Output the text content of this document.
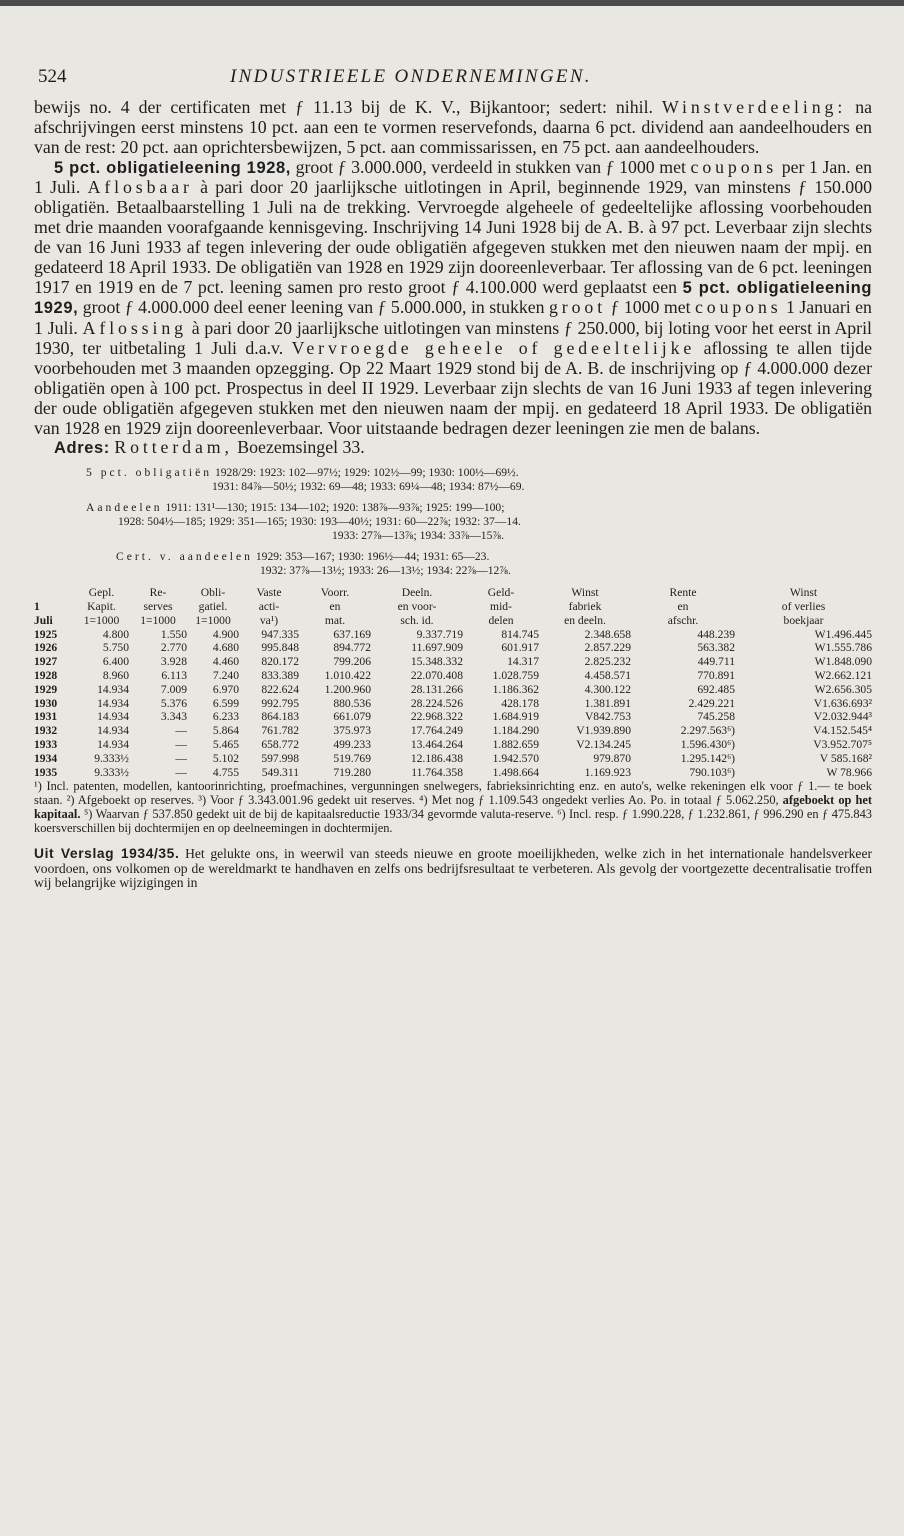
524	INDUSTRIEELE ONDERNEMINGEN.

bewijs no. 4 der certificaten met ƒ 11.13 bij de K. V., Bijkantoor; sedert: nihil. Winstverdeeling: na afschrijvingen eerst minstens 10 pct. aan een te vormen reservefonds, daarna 6 pct. dividend aan aandeelhouders en van de rest: 20 pct. aan oprichtersbewijzen, 5 pct. aan commissarissen, en 75 pct. aan aandeelhouders.

5 pct. obligatieleening 1928, groot ƒ 3.000.000, verdeeld in stukken van ƒ 1000 met coupons per 1 Jan. en 1 Juli. Aflosbaar à pari door 20 jaarlijksche uitlotingen in April, beginnende 1929, van minstens ƒ 150.000 obligatiën. Betaalbaarstelling 1 Juli na de trekking. Vervroegde algeheele of gedeeltelijke aflossing voorbehouden met drie maanden voorafgaande kennisgeving. Inschrijving 14 Juni 1928 bij de A. B. à 97 pct. Leverbaar zijn slechts de van 16 Juni 1933 af tegen inlevering der oude obligatiën afgegeven stukken met den nieuwen naam der mpij. en gedateerd 18 April 1933. De obligatiën van 1928 en 1929 zijn dooreenleverbaar. Ter aflossing van de 6 pct. leeningen 1917 en 1919 en de 7 pct. leening samen pro resto groot ƒ 4.100.000 werd geplaatst een 5 pct. obligatieleening 1929, groot ƒ 4.000.000 deel eener leening van ƒ 5.000.000, in stukken groot ƒ 1000 met coupons 1 Januari en 1 Juli. Aflossing à pari door 20 jaarlijksche uitlotingen van minstens ƒ 250.000, bij loting voor het eerst in April 1930, ter uitbetaling 1 Juli d.a.v. Vervroegde geheele of gedeeltelijke aflossing te allen tijde voorbehouden met 3 maanden opzegging. Op 22 Maart 1929 stond bij de A. B. de inschrijving op ƒ 4.000.000 dezer obligatiën open à 100 pct. Prospectus in deel II 1929. Leverbaar zijn slechts de van 16 Juni 1933 af tegen inlevering der oude obligatiën afgegeven stukken met den nieuwen naam der mpij. en gedateerd 18 April 1933. De obligatiën van 1928 en 1929 zijn dooreenleverbaar. Voor uitstaande bedragen dezer leeningen zie men de balans.

Adres: Rotterdam, Boezemsingel 33.

5 pct. obligatiën 1928/29: 1923: 102—97½; 1929: 102½—99; 1930: 100½—69½.
1931: 84⅞—50½; 1932: 69—48; 1933: 69¼—48; 1934: 87½—69.
Aandeelen 1911: 131¹—130; 1915: 134—102; 1920: 138⅞—93⅞; 1925: 199—100;
1928: 504½—185; 1929: 351—165; 1930: 193—40½; 1931: 60—22⅞; 1932: 37—14.
1933: 27⅞—13⅞; 1934: 33⅞—15⅞.
Cert. v. aandeelen 1929: 353—167; 1930: 196½—44; 1931: 65—23.
1932: 37⅞—13½; 1933: 26—13½; 1934: 22⅞—12⅞.
	Gepl.	Re-	Obli-	Vaste	Voorr.	Deeln.	Geld-	Winst	Rente	Winst
1	Kapit.	serves	gatiel.	acti-	en	en voor-	mid-	fabriek	en	of verlies
Juli	1=1000	1=1000	1=1000	va¹)	mat.	sch. id.	delen	en deeln.	afschr.	boekjaar
1925	4.800	1.550	4.900	947.335	637.169	9.337.719	814.745	2.348.658	448.239	W1.496.445
1926	5.750	2.770	4.680	995.848	894.772	11.697.909	601.917	2.857.229	563.382	W1.555.786
1927	6.400	3.928	4.460	820.172	799.206	15.348.332	14.317	2.825.232	449.711	W1.848.090
1928	8.960	6.113	7.240	833.389	1.010.422	22.070.408	1.028.759	4.458.571	770.891	W2.662.121
1929	14.934	7.009	6.970	822.624	1.200.960	28.131.266	1.186.362	4.300.122	692.485	W2.656.305
1930	14.934	5.376	6.599	992.795	880.536	28.224.526	428.178	1.381.891	2.429.221	V1.636.693²
1931	14.934	3.343	6.233	864.183	661.079	22.968.322	1.684.919	V842.753	745.258	V2.032.944³
1932	14.934	—	5.864	761.782	375.973	17.764.249	1.184.290	V1.939.890	2.297.563⁶)	V4.152.545⁴
1933	14.934	—	5.465	658.772	499.233	13.464.264	1.882.659	V2.134.245	1.596.430⁶)	V3.952.707⁵
1934	9.333½	—	5.102	597.998	519.769	12.186.438	1.942.570	979.870	1.295.142⁶)	V 585.168²
1935	9.333½	—	4.755	549.311	719.280	11.764.358	1.498.664	1.169.923	790.103⁶)	W 78.966
¹) Incl. patenten, modellen, kantoorinrichting, proefmachines, vergunningen snelwegers, fabrieksinrichting enz. en auto's, welke rekeningen elk voor ƒ 1.— te boek staan. ²) Afgeboekt op reserves. ³) Voor ƒ 3.343.001.96 gedekt uit reserves. ⁴) Met nog ƒ 1.109.543 ongedekt verlies Ao. Po. in totaal ƒ 5.062.250, afgeboekt op het kapitaal. ⁵) Waarvan ƒ 537.850 gedekt uit de bij de kapitaalsreductie 1933/34 gevormde valuta-reserve. ⁶) Incl. resp. ƒ 1.990.228, ƒ 1.232.861, ƒ 996.290 en ƒ 475.843 koersverschillen bij dochtermijen en op deelneemingen in dochtermijen.
Uit Verslag 1934/35. Het gelukte ons, in weerwil van steeds nieuwe en groote moeilijkheden, welke zich in het internationale handelsverkeer voordoen, ons volkomen op de wereldmarkt te handhaven en zelfs ons bedrijfsresultaat te verbeteren. Als gevolg der voortgezette decentralisatie troffen wij belangrijke wijzigingen in
